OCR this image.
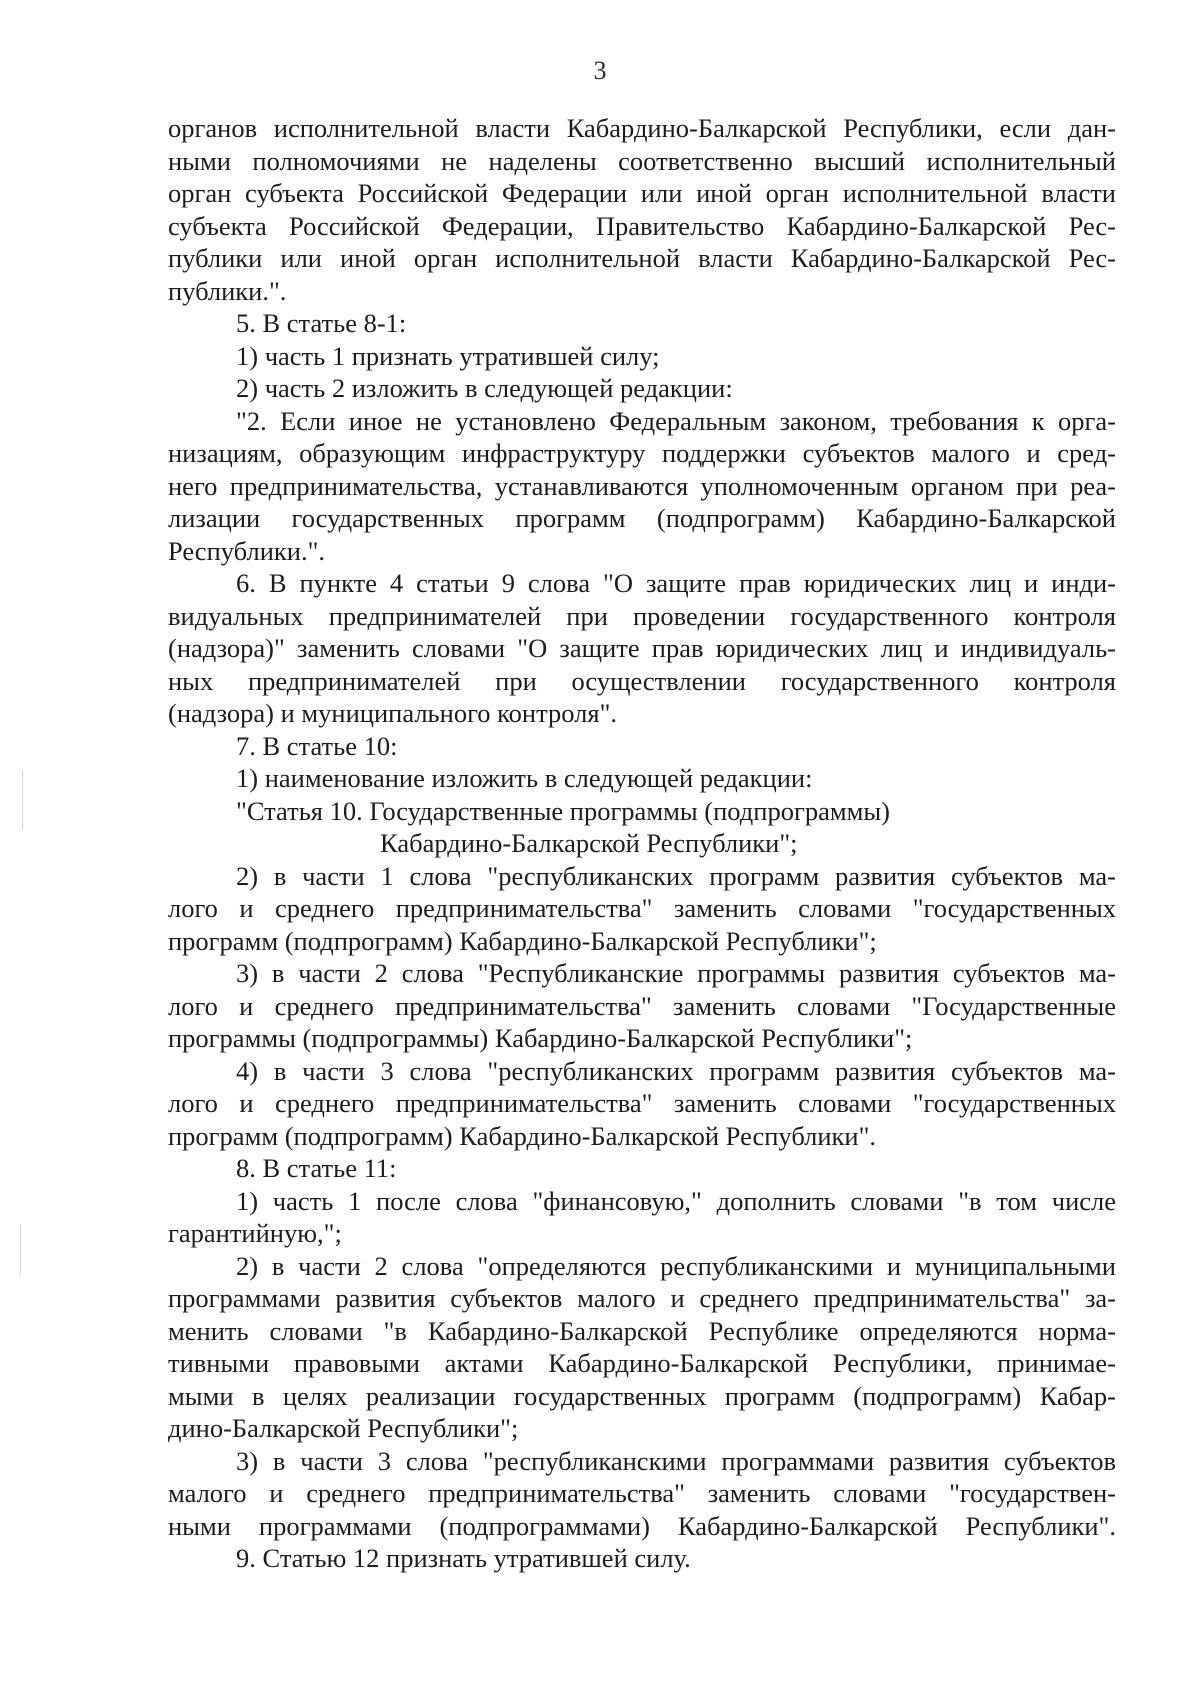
3
органов исполнительной власти Кабардино-Балкарской Республики, если дан-
ными полномочиями не наделены соответственно высший исполнительный
орган субъекта Российской Федерации или иной орган исполнительной власти
субъекта Российской Федерации, Правительство Кабардино-Балкарской Рес-
публики или иной орган исполнительной власти Кабардино-Балкарской Рес-
публики.".
5. В статье 8-1:
1) часть 1 признать утратившей силу;
2) часть 2 изложить в следующей редакции:
"2. Если иное не установлено Федеральным законом, требования к орга-
низациям, образующим инфраструктуру поддержки субъектов малого и сред-
него предпринимательства, устанавливаются уполномоченным органом при реа-
лизации государственных программ (подпрограмм) Кабардино-Балкарской
Республики.".
6. В пункте 4 статьи 9 слова "О защите прав юридических лиц и инди-
видуальных предпринимателей при проведении государственного контроля
(надзора)" заменить словами "О защите прав юридических лиц и индивидуаль-
ных предпринимателей при осуществлении государственного контроля
(надзора) и муниципального контроля".
7. В статье 10:
1) наименование изложить в следующей редакции:
"Статья 10. Государственные программы (подпрограммы)
Кабардино-Балкарской Республики";
2) в части 1 слова "республиканских программ развития субъектов ма-
лого и среднего предпринимательства" заменить словами "государственных
программ (подпрограмм) Кабардино-Балкарской Республики";
3) в части 2 слова "Республиканские программы развития субъектов ма-
лого и среднего предпринимательства" заменить словами "Государственные
программы (подпрограммы) Кабардино-Балкарской Республики";
4) в части 3 слова "республиканских программ развития субъектов ма-
лого и среднего предпринимательства" заменить словами "государственных
программ (подпрограмм) Кабардино-Балкарской Республики".
8. В статье 11:
1) часть 1 после слова "финансовую," дополнить словами "в том числе
гарантийную,";
2) в части 2 слова "определяются республиканскими и муниципальными
программами развития субъектов малого и среднего предпринимательства" за-
менить словами "в Кабардино-Балкарской Республике определяются норма-
тивными правовыми актами Кабардино-Балкарской Республики, принимае-
мыми в целях реализации государственных программ (подпрограмм) Кабар-
дино-Балкарской Республики";
3) в части 3 слова "республиканскими программами развития субъектов
малого и среднего предпринимательства" заменить словами "государствен-
ными программами (подпрограммами) Кабардино-Балкарской Республики".
9. Статью 12 признать утратившей силу.
